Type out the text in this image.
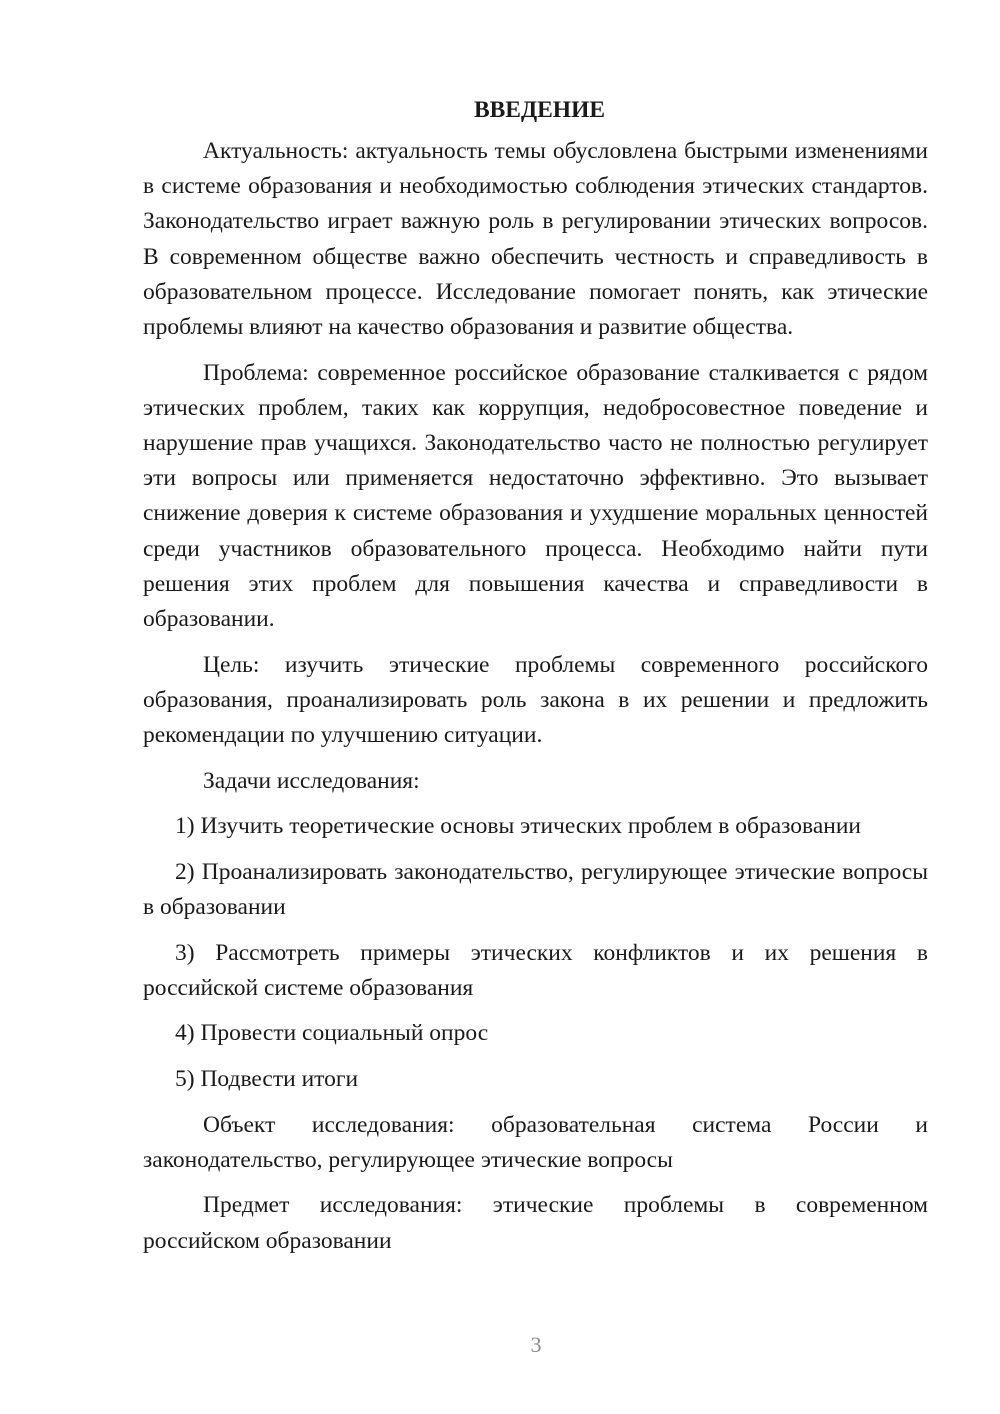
ВВЕДЕНИЕ

Актуальность: актуальность темы обусловлена быстрыми изменениями в системе образования и необходимостью соблюдения этических стандартов. Законодательство играет важную роль в регулировании этических вопросов. В современном обществе важно обеспечить честность и справедливость в образовательном процессе. Исследование помогает понять, как этические проблемы влияют на качество образования и развитие общества.

Проблема: современное российское образование сталкивается с рядом этических проблем, таких как коррупция, недобросовестное поведение и нарушение прав учащихся. Законодательство часто не полностью регулирует эти вопросы или применяется недостаточно эффективно. Это вызывает снижение доверия к системе образования и ухудшение моральных ценностей среди участников образовательного процесса. Необходимо найти пути решения этих проблем для повышения качества и справедливости в образовании.

Цель: изучить этические проблемы современного российского образования, проанализировать роль закона в их решении и предложить рекомендации по улучшению ситуации.

Задачи исследования:

1) Изучить теоретические основы этических проблем в образовании

2) Проанализировать законодательство, регулирующее этические вопросы в образовании

3) Рассмотреть примеры этических конфликтов и их решения в российской системе образования

4) Провести социальный опрос

5) Подвести итоги

Объект исследования: образовательная система России и законодательство, регулирующее этические вопросы

Предмет исследования: этические проблемы в современном российском образовании

3
